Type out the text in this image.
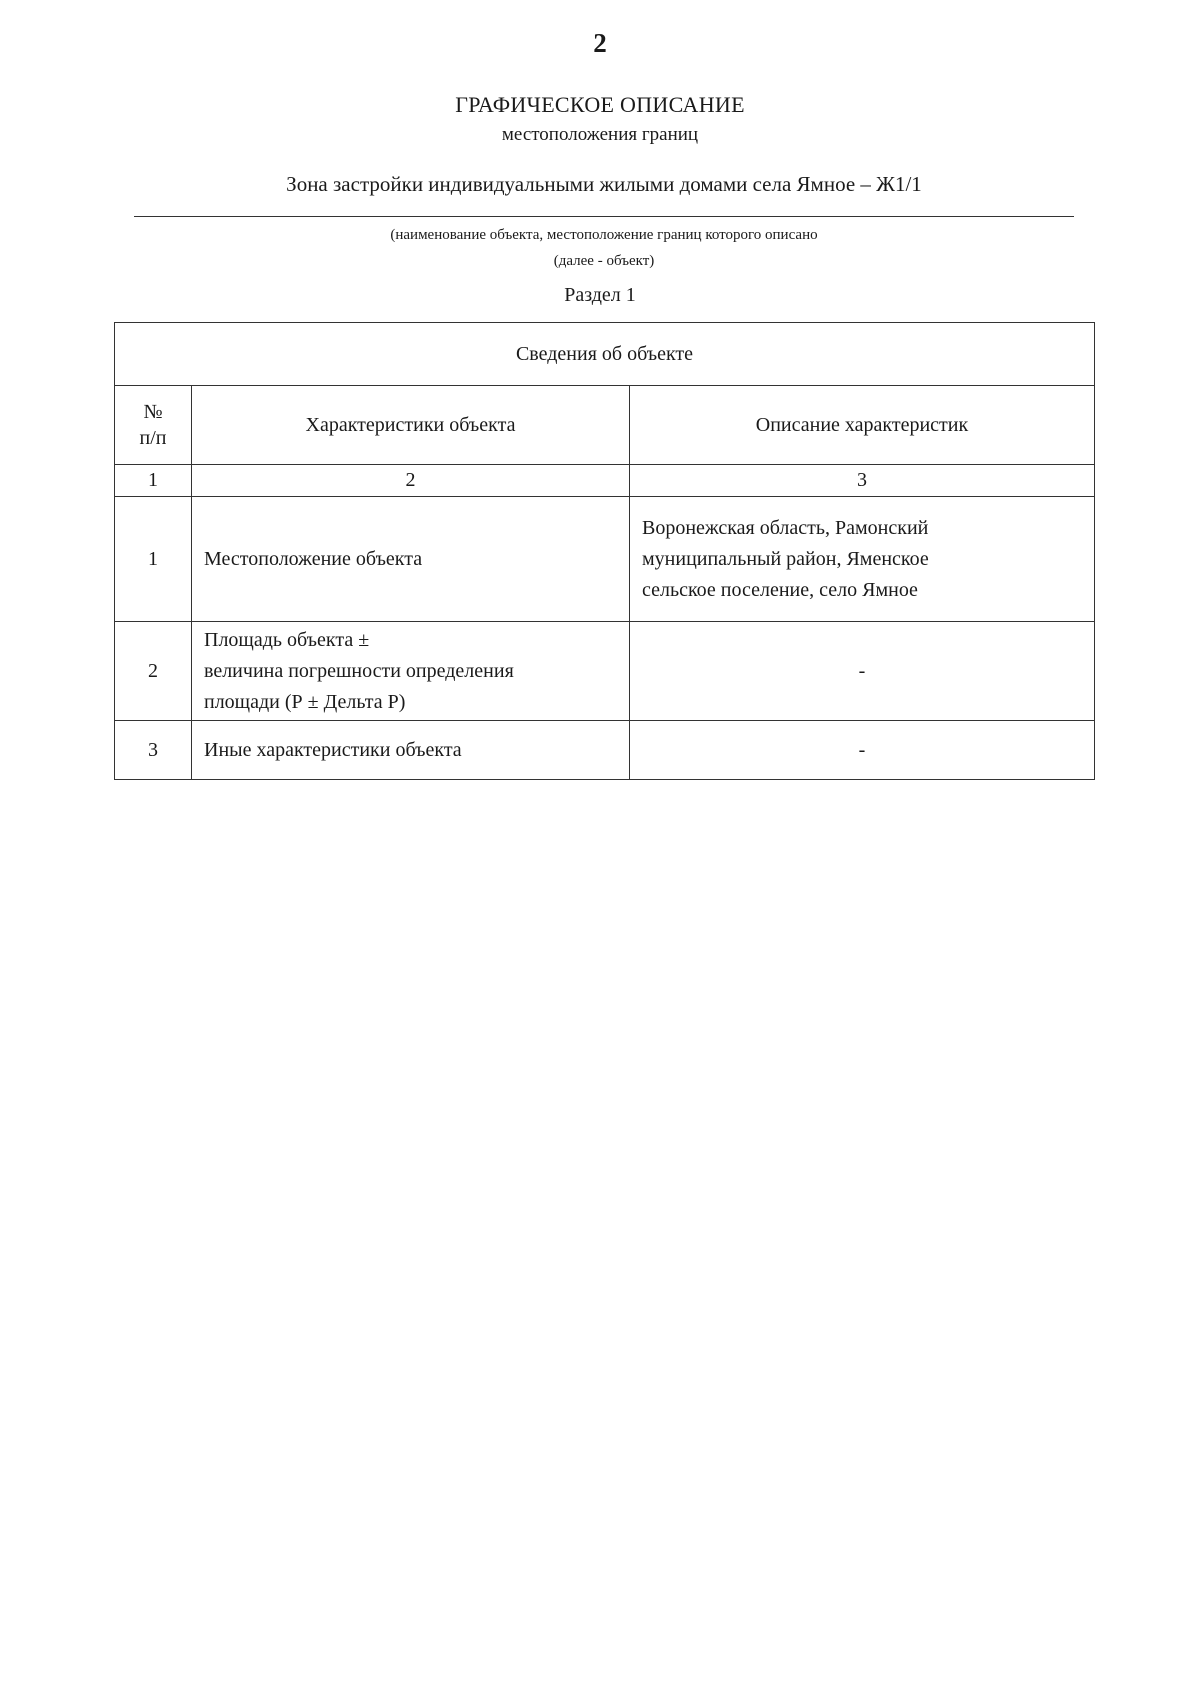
2
ГРАФИЧЕСКОЕ ОПИСАНИЕ
местоположения границ
Зона застройки индивидуальными жилыми домами села Ямное – Ж1/1
(наименование объекта, местоположение границ которого описано
(далее - объект)
Раздел 1
Сведения об объекте		

№
п/п	Характеристики объекта	Описание характеристик
1	2	3
1	Местоположение объекта	Воронежская область, Рамонский
муниципальный район, Яменское
сельское поселение, село Ямное

2	Площадь объекта ±
величина погрешности определения
площади (Р ± Дельта Р)	-

3	Иные характеристики объекта	-
